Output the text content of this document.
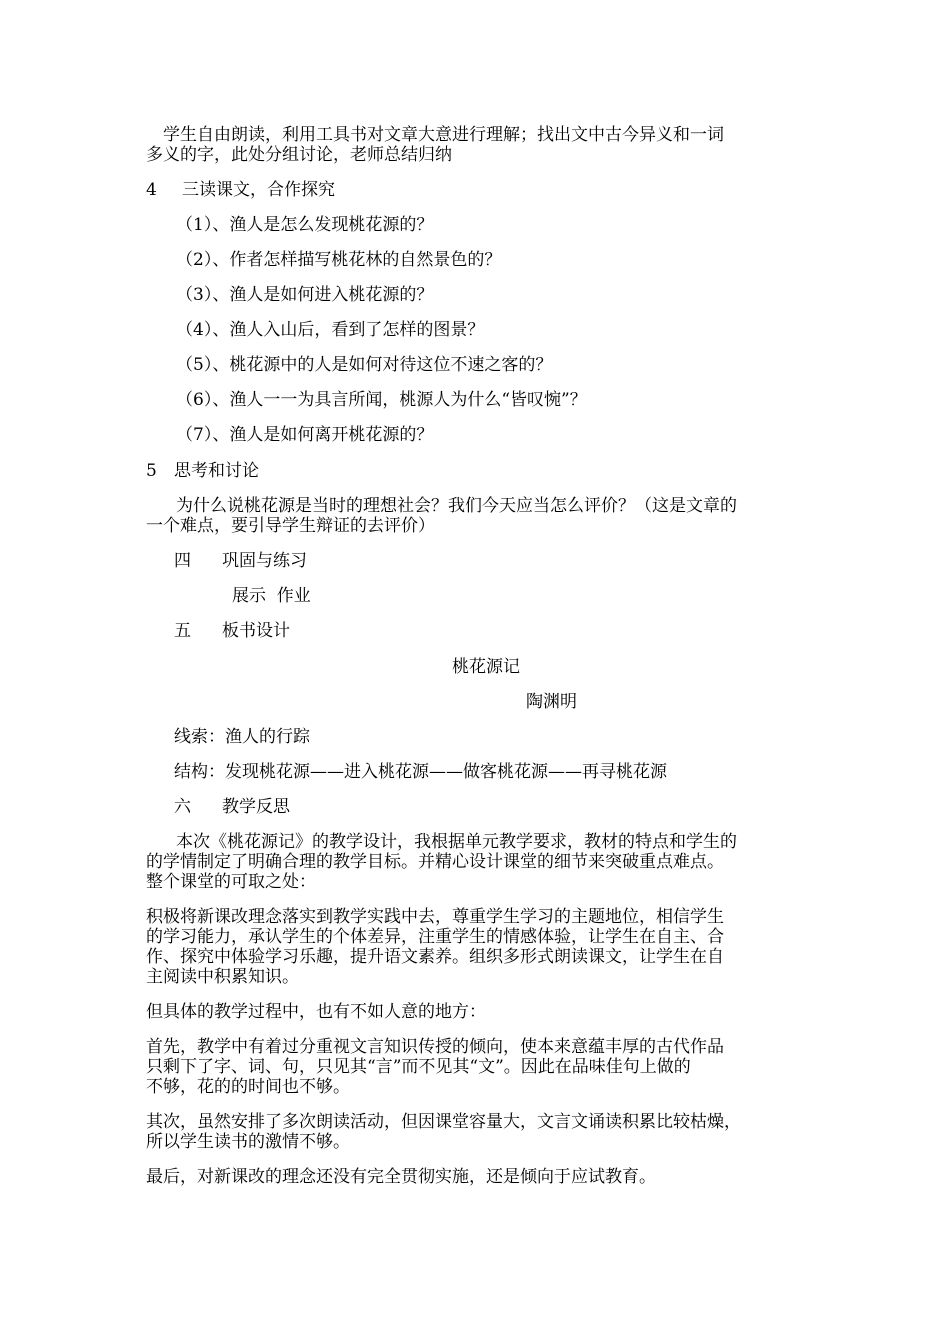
学生自由朗读，利用工具书对文章大意进行理解；找出文中古今异义和一词
多义的字，此处分组讨论，老师总结归纳
4 三读课文，合作探究
（1）、渔人是怎么发现桃花源的？
（2）、作者怎样描写桃花林的自然景色的？
（3）、渔人是如何进入桃花源的？
（4）、渔人入山后，看到了怎样的图景？
（5）、桃花源中的人是如何对待这位不速之客的？
（6）、渔人一一为具言所闻，桃源人为什么“皆叹惋”？
（7）、渔人是如何离开桃花源的？
5 思考和讨论
为什么说桃花源是当时的理想社会？我们今天应当怎么评价？（这是文章的
一个难点，要引导学生辩证的去评价）
四 巩固与练习
展示  作业
五 板书设计
桃花源记
陶渊明
线索：渔人的行踪
结构：发现桃花源——进入桃花源——做客桃花源——再寻桃花源
六 教学反思
本次《桃花源记》的教学设计，我根据单元教学要求，教材的特点和学生的
的学情制定了明确合理的教学目标。并精心设计课堂的细节来突破重点难点。
整个课堂的可取之处：
积极将新课改理念落实到教学实践中去，尊重学生学习的主题地位，相信学生
的学习能力，承认学生的个体差异，注重学生的情感体验，让学生在自主、合
作、探究中体验学习乐趣，提升语文素养。组织多形式朗读课文，让学生在自
主阅读中积累知识。
但具体的教学过程中，也有不如人意的地方：
首先，教学中有着过分重视文言知识传授的倾向，使本来意蕴丰厚的古代作品
只剩下了字、词、句，只见其“言”而不见其“文”。因此在品味佳句上做的
不够，花的的时间也不够。
其次，虽然安排了多次朗读活动，但因课堂容量大，文言文诵读积累比较枯燥，
所以学生读书的激情不够。
最后，对新课改的理念还没有完全贯彻实施，还是倾向于应试教育。
